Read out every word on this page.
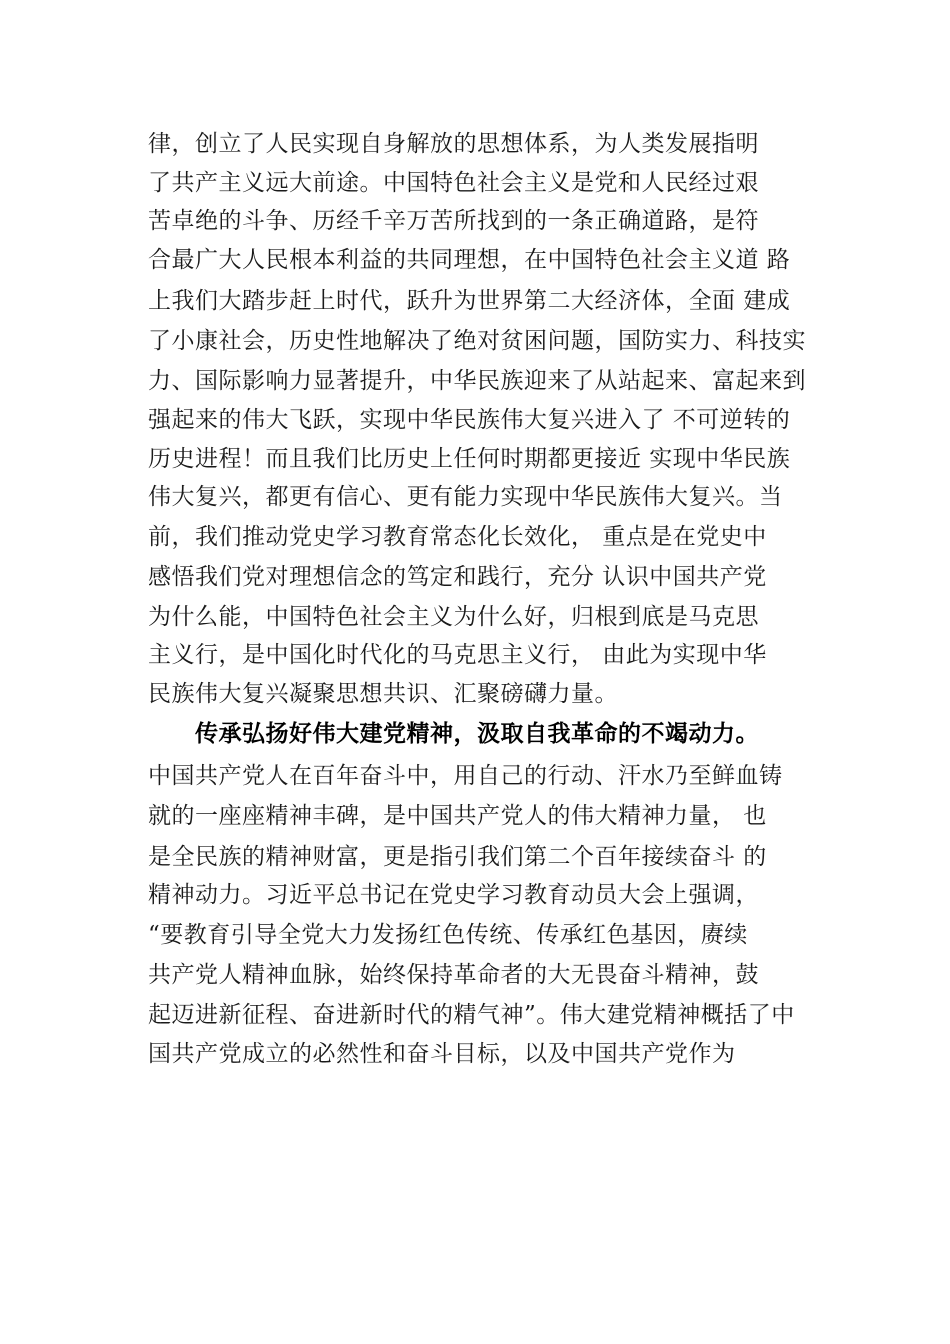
律，创立了人民实现自身解放的思想体系，为人类发展指明
了共产主义远大前途。中国特色社会主义是党和人民经过艰
苦卓绝的斗争、历经千辛万苦所找到的一条正确道路，是符
合最广大人民根本利益的共同理想，在中国特色社会主义道 路
上我们大踏步赶上时代，跃升为世界第二大经济体，全面 建成
了小康社会，历史性地解决了绝对贫困问题，国防实力、科技实
力、国际影响力显著提升，中华民族迎来了从站起来、富起来到
强起来的伟大飞跃，实现中华民族伟大复兴进入了 不可逆转的
历史进程！而且我们比历史上任何时期都更接近 实现中华民族
伟大复兴，都更有信心、更有能力实现中华民族伟大复兴。当
前，我们推动党史学习教育常态化长效化， 重点是在党史中
感悟我们党对理想信念的笃定和践行，充分 认识中国共产党
为什么能，中国特色社会主义为什么好，归根到底是马克思
主义行，是中国化时代化的马克思主义行， 由此为实现中华
民族伟大复兴凝聚思想共识、汇聚磅礴力量。
传承弘扬好伟大建党精神，汲取自我革命的不竭动力。
中国共产党人在百年奋斗中，用自己的行动、汗水乃至鲜血铸
就的一座座精神丰碑，是中国共产党人的伟大精神力量， 也
是全民族的精神财富，更是指引我们第二个百年接续奋斗 的
精神动力。习近平总书记在党史学习教育动员大会上强调，
“要教育引导全党大力发扬红色传统、传承红色基因，赓续
共产党人精神血脉，始终保持革命者的大无畏奋斗精神，鼓
起迈进新征程、奋进新时代的精气神”。伟大建党精神概括了中
国共产党成立的必然性和奋斗目标，以及中国共产党作为
